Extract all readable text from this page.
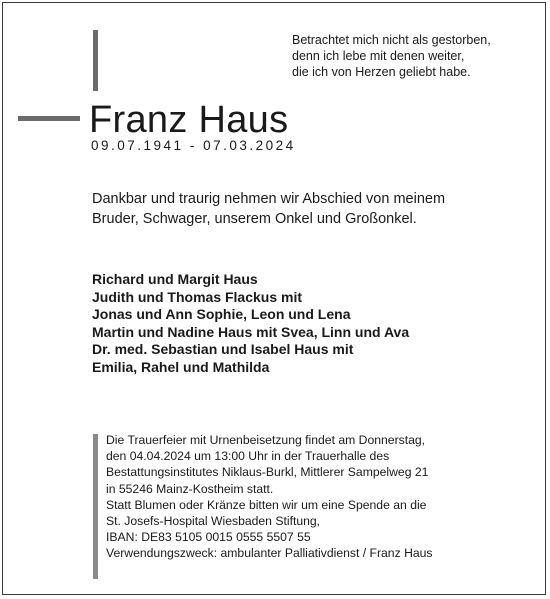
Betrachtet mich nicht als gestorben,
denn ich lebe mit denen weiter,
die ich von Herzen geliebt habe.
Franz Haus
09.07.1941 - 07.03.2024
Dankbar und traurig nehmen wir Abschied von meinem
Bruder, Schwager, unserem Onkel und Großonkel.
Richard und Margit Haus
Judith und Thomas Flackus mit
Jonas und Ann Sophie, Leon und Lena
Martin und Nadine Haus mit Svea, Linn und Ava
Dr. med. Sebastian und Isabel Haus mit
Emilia, Rahel und Mathilda
Die Trauerfeier mit Urnenbeisetzung findet am Donnerstag,
den 04.04.2024 um 13:00 Uhr in der Trauerhalle des
Bestattungsinstitutes Niklaus-Burkl, Mittlerer Sampelweg 21
in 55246 Mainz-Kostheim statt.
Statt Blumen oder Kränze bitten wir um eine Spende an die
St. Josefs-Hospital Wiesbaden Stiftung,
IBAN: DE83 5105 0015 0555 5507 55
Verwendungszweck: ambulanter Palliativdienst / Franz Haus
